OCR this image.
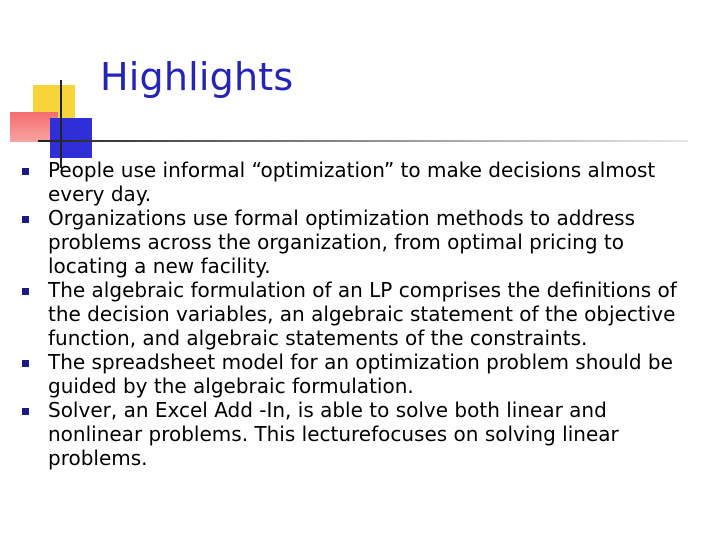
Highlights
People use informal “optimization” to make decisions almost every day.
Organizations use formal optimization methods to address problems across the organization, from optimal pricing to locating a new facility.
The algebraic formulation of an LP comprises the definitions of the decision variables, an algebraic statement of the objective function, and algebraic statements of the constraints.
The spreadsheet model for an optimization problem should be guided by the algebraic formulation.
Solver, an Excel Add -In, is able to solve both linear and nonlinear problems. This lecturefocuses on solving linear problems.
